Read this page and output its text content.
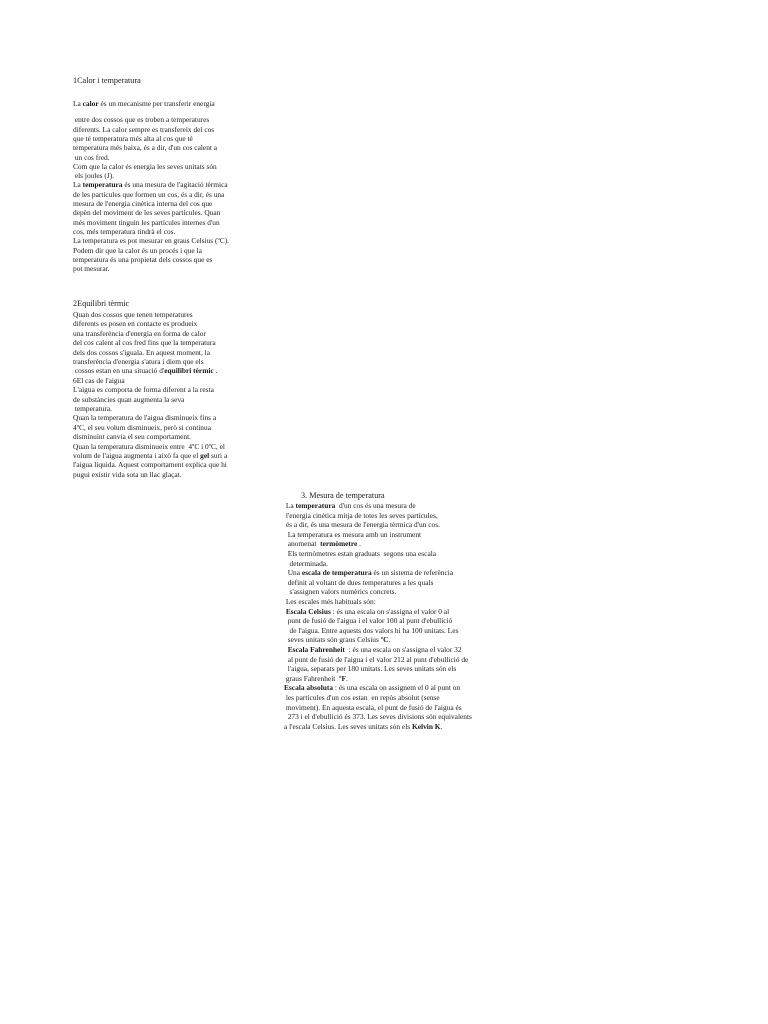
1Calor i temperatura
La calor és un mecanisme per transferir energia
entre dos cossos que es troben a temperatures
diferents. La calor sempre es transfereix del cos
que té temperatura més alta al cos que té
temperatura més baixa, és a dir, d'un cos calent a
un cos fred.
Com que la calor és energia les seves unitats són
els joules (J).
La temperatura és una mesura de l'agitació tèrmica
de les partícules que formen un cos, és a dir, és una
mesura de l'energia cinètica interna del cos que
depèn del moviment de les seves partícules. Quan
més moviment tinguin les partícules internes d'un
cos, més temperatura tindrà el cos.
La temperatura es pot mesurar en graus Celsius (ºC).
Podem dir que la calor és un procés i que la
temperatura és una propietat dels cossos que es
pot mesurar.
2Equilibri tèrmic
Quan dos cossos que tenen temperatures
diferents es posen en contacte es produeix
una transferència d'energia en forma de calor
del cos calent al cos fred fins que la temperatura
dels dos cossos s'iguala. En aquest moment, la
transferència d'energia s'atura i diem que els
cossos estan en una situació d'equilibri tèrmic .
6El cas de l'aigua
L'aigua es comporta de forma diferent a la resta
de substàncies quan augmenta la seva
temperatura.
Quan la temperatura de l'aigua disminueix fins a
4ºC, el seu volum disminueix, però si continua
disminuint canvia el seu comportament.
Quan la temperatura disminueix entre  4ºC i 0ºC, el
volum de l'aigua augmenta i això fa que el gel suri a
l'aigua líquida. Aquest comportament explica que hi
pugui existir vida sota un llac glaçat.
3. Mesura de temperatura
La temperatura  d'un cos és una mesura de
l'energia cinètica mitja de totes les seves partícules,
és a dir, és una mesura de l'energia tèrmica d'un cos.
La temperatura es mesura amb un instrument
anomenat  termòmetre .
Els termòmetres estan graduats  segons una escala
determinada.
Una escala de temperatura és un sistema de referència
definit al voltant de dues temperatures a les quals
s'assignen valors numèrics concrets.
Les escales més habituals són:
Escala Celsius : és una escala on s'assigna el valor 0 al
punt de fusió de l'aigua i el valor 100 al punt d'ebullició
de l'aigua. Entre aquests dos valors hi ha 100 unitats. Les
seves unitats són graus Celsius ºC.
Escala Fahrenheit  : és una escala on s'assigna el valor 32
al punt de fusió de l'aigua i el valor 212 al punt d'ebullició de
l'aigua, separats per 180 unitats. Les seves unitats són els
graus Fahrenheit  ºF.
Escala absoluta : és una escala on assignem el 0 al punt on
les partícules d'un cos estan  en repòs absolut (sense
moviment). En aquesta escala, el punt de fusió de l'aigua és
273 i el d'ebullició és 373. Les seves divisions són equivalents
a l'escala Celsius. Les seves unitats són els Kelvin K.
